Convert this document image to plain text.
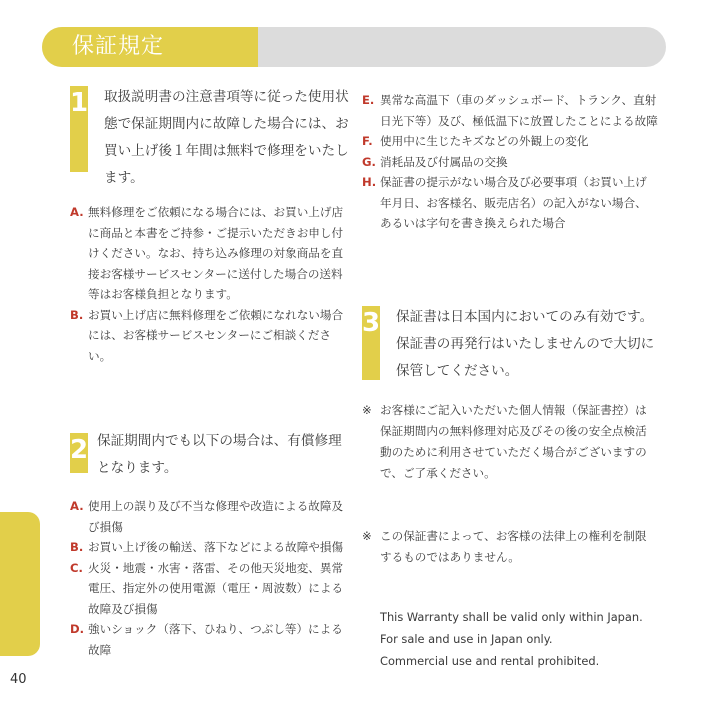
保証規定
40
1 取扱説明書の注意書項等に従った使用状態で保証期間内に故障した場合には、お買い上げ後１年間は無料で修理をいたします。
A. 無料修理をご依頼になる場合には、お買い上げ店に商品と本書をご持参・ご提示いただきお申し付けください。なお、持ち込み修理の対象商品を直接お客様サービスセンターに送付した場合の送料等はお客様負担となります。
B. お買い上げ店に無料修理をご依頼になれない場合には、お客様サービスセンターにご相談ください。
2 保証期間内でも以下の場合は、有償修理となります。
A. 使用上の誤り及び不当な修理や改造による故障及び損傷
B. お買い上げ後の輸送、落下などによる故障や損傷
C. 火災・地震・水害・落雷、その他天災地変、異常電圧、指定外の使用電源（電圧・周波数）による故障及び損傷
D. 強いショック（落下、ひねり、つぶし等）による故障
E. 異常な高温下（車のダッシュボード、トランク、直射日光下等）及び、極低温下に放置したことによる故障
F. 使用中に生じたキズなどの外観上の変化
G. 消耗品及び付属品の交換
H. 保証書の提示がない場合及び必要事項（お買い上げ年月日、お客様名、販売店名）の記入がない場合、あるいは字句を書き換えられた場合
3 保証書は日本国内においてのみ有効です。保証書の再発行はいたしませんので大切に保管してください。
※ お客様にご記入いただいた個人情報（保証書控）は保証期間内の無料修理対応及びその後の安全点検活動のために利用させていただく場合がございますので、ご了承ください。
※ この保証書によって、お客様の法律上の権利を制限するものではありません。
This Warranty shall be valid only within Japan.
For sale and use in Japan only.
Commercial use and rental prohibited.
